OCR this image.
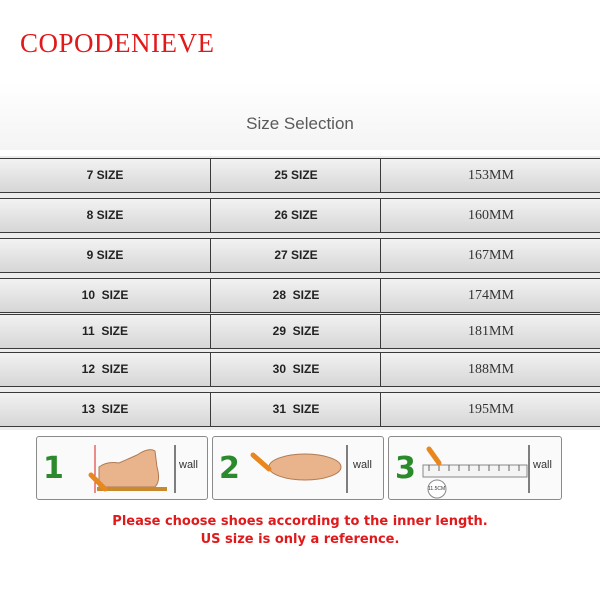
COPODENIEVE
Size Selection
7 SIZE	25 SIZE	153MM
8 SIZE	26 SIZE	160MM
9 SIZE	27 SIZE	167MM
10  SIZE	28  SIZE	174MM
11  SIZE	29  SIZE	181MM
12  SIZE	30  SIZE	188MM
13  SIZE	31  SIZE	195MM
1	wall 2	wall 3
11.5CM
wall
Please choose shoes according to the inner length.
US size is only a reference.
